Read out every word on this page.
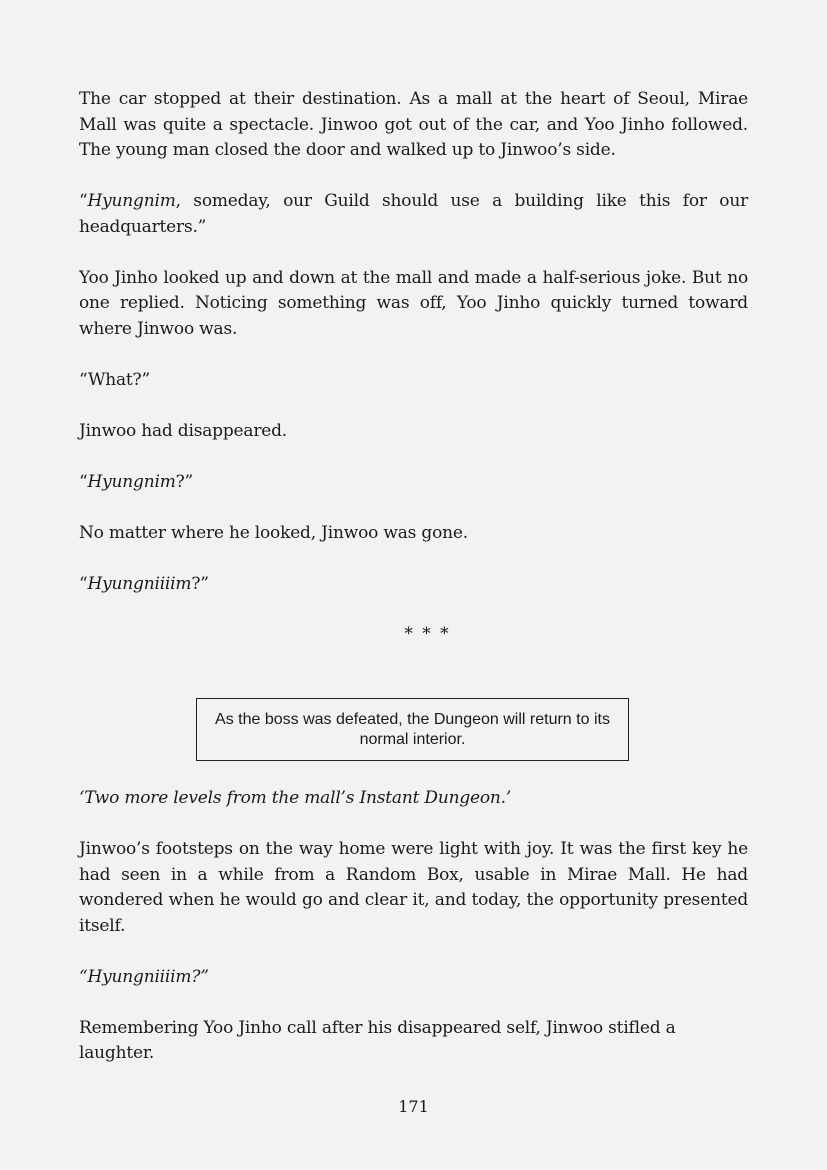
The car stopped at their destination. As a mall at the heart of Seoul, Mirae Mall was quite a spectacle. Jinwoo got out of the car, and Yoo Jinho followed. The young man closed the door and walked up to Jinwoo’s side.

“Hyungnim, someday, our Guild should use a building like this for our headquarters.”

Yoo Jinho looked up and down at the mall and made a half-serious joke. But no one replied. Noticing something was off, Yoo Jinho quickly turned toward where Jinwoo was.

“What?”

Jinwoo had disappeared.

“Hyungnim?”

No matter where he looked, Jinwoo was gone.

“Hyungniiiim?”

* * *
As the boss was defeated, the Dungeon will return to its normal interior.

‘Two more levels from the mall’s Instant Dungeon.’

Jinwoo’s footsteps on the way home were light with joy. It was the first key he had seen in a while from a Random Box, usable in Mirae Mall. He had wondered when he would go and clear it, and today, the opportunity presented itself.

“Hyungniiiim?”

Remembering Yoo Jinho call after his disappeared self, Jinwoo stifled a laughter.

171
